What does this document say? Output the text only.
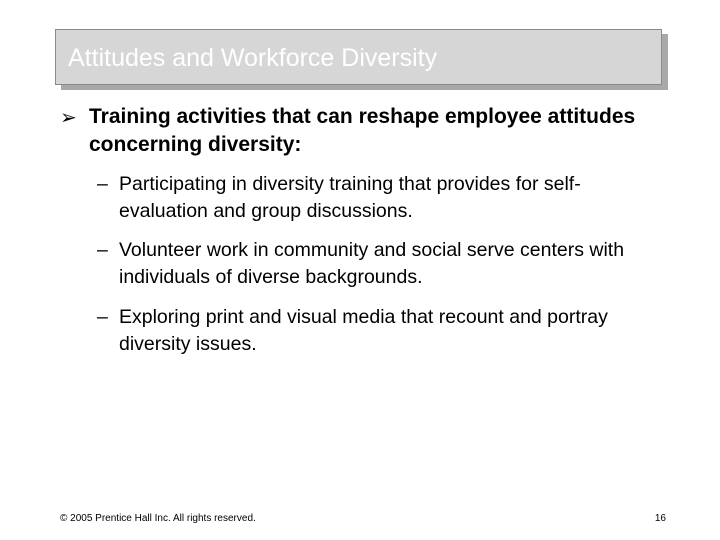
Attitudes and Workforce Diversity
➢ Training activities that can reshape employee attitudes concerning diversity:
– Participating in diversity training that provides for self-evaluation and group discussions.
– Volunteer work in community and social serve centers with individuals of diverse backgrounds.
– Exploring print and visual media that recount and portray diversity issues.
© 2005 Prentice Hall Inc. All rights reserved.	16
